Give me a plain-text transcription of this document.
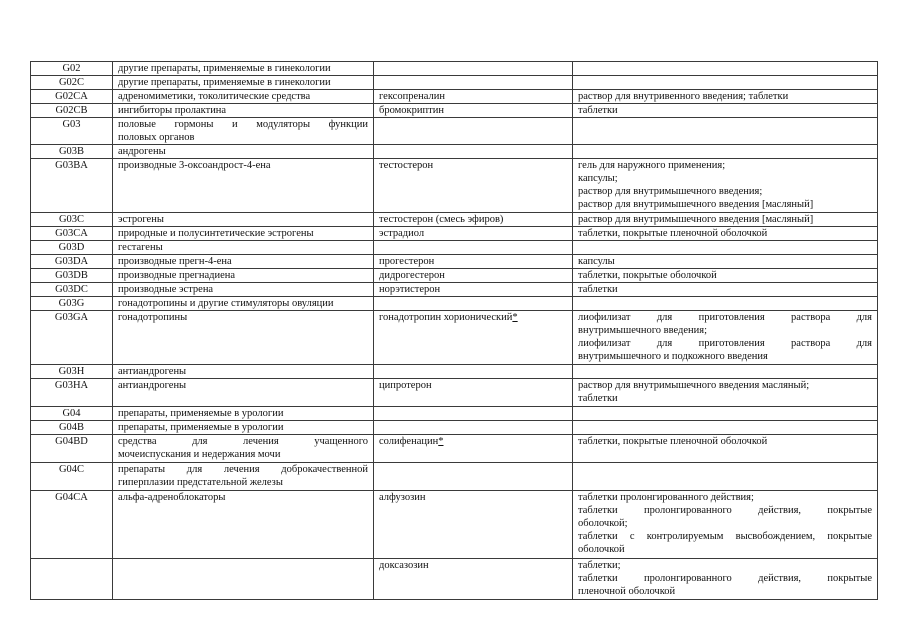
G02	другие препараты, применяемые в гинекологии		
G02C	другие препараты, применяемые в гинекологии		
G02CA	адреномиметики, токолитические средства	гексопреналин	раствор для внутривенного введения; таблетки
G02CB	ингибиторы пролактина	бромокриптин	таблетки
G03	половые гормоны и модуляторы функции
половых органов		

G03B	андрогены		
G03BA	производные 3-оксоандрост-4-ена	тестостерон	гель для наружного применения;
капсулы;
раствор для внутримышечного введения;
раствор для внутримышечного введения [масляный]

G03C	эстрогены	тестостерон (смесь эфиров)	раствор для внутримышечного введения [масляный]
G03CA	природные и полусинтетические эстрогены	эстрадиол	таблетки, покрытые пленочной оболочкой
G03D	гестагены		
G03DA	производные прегн-4-ена	прогестерон	капсулы
G03DB	производные прегнадиена	дидрогестерон	таблетки, покрытые оболочкой
G03DC	производные эстрена	норэтистерон	таблетки
G03G	гонадотропины и другие стимуляторы овуляции		
G03GA	гонадотропины	гонадотропин хорионический*	лиофилизат для приготовления раствора для
внутримышечного введения;
лиофилизат для приготовления раствора для
внутримышечного и подкожного введения

G03H	антиандрогены		
G03HA	антиандрогены	ципротерон	раствор для внутримышечного введения масляный;
таблетки

G04	препараты, применяемые в урологии		
G04B	препараты, применяемые в урологии		
G04BD	средства для лечения учащенного
мочеиспускания и недержания мочи	солифенацин*	таблетки, покрытые пленочной оболочкой
G04C	препараты для лечения доброкачественной
гиперплазии предстательной железы		

G04CA	альфа-адреноблокаторы	алфузозин	таблетки пролонгированного действия;
таблетки пролонгированного действия, покрытые
оболочкой;
таблетки с контролируемым высвобождением, покрытые
оболочкой

		доксазозин	таблетки;
таблетки пролонгированного действия, покрытые
пленочной оболочкой
